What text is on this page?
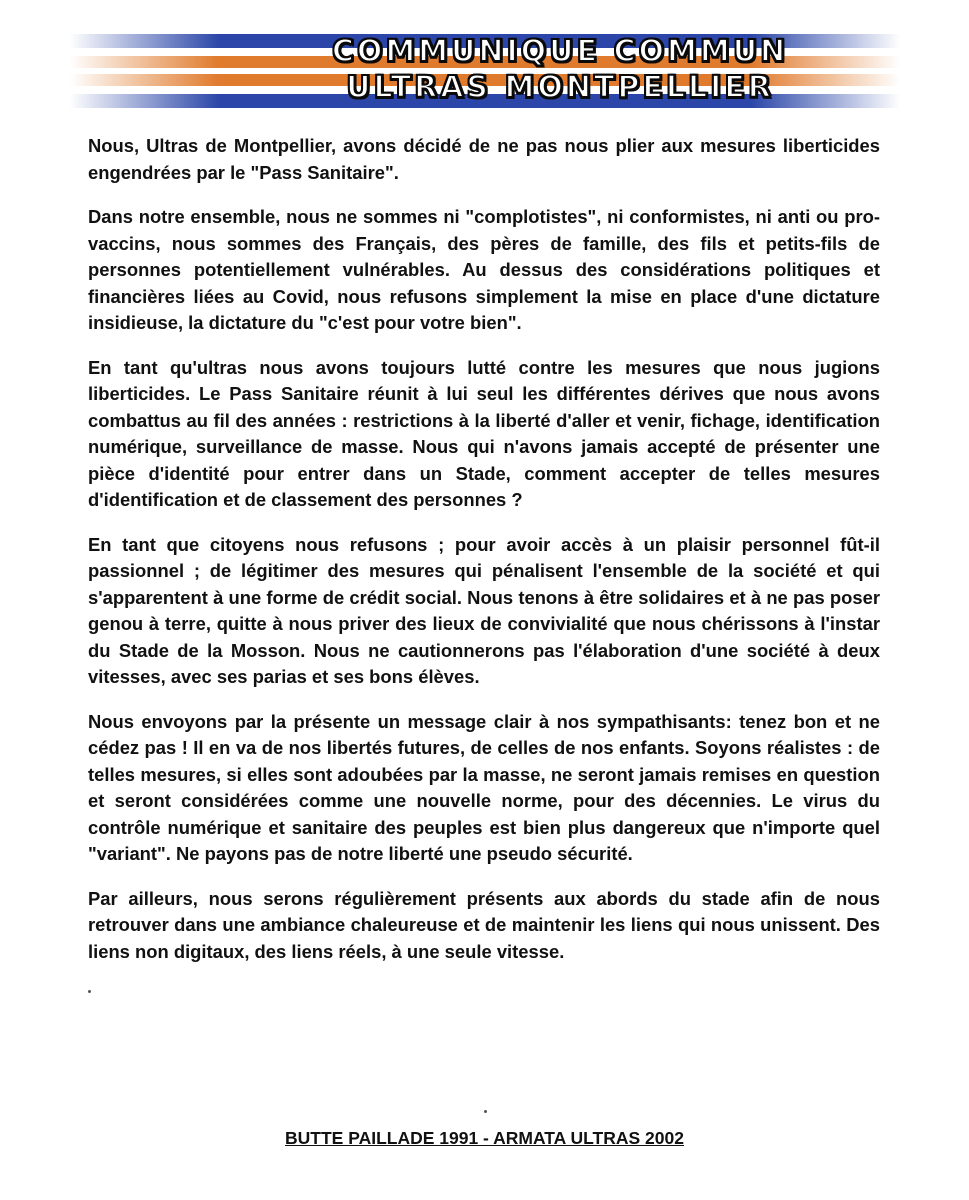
COMMUNIQUE COMMUN
ULTRAS MONTPELLIER

Nous, Ultras de Montpellier, avons décidé de ne pas nous plier aux mesures liberticides engendrées par le "Pass Sanitaire".

Dans notre ensemble, nous ne sommes ni "complotistes", ni conformistes, ni anti ou pro-vaccins, nous sommes des Français, des pères de famille, des fils et petits-fils de personnes potentiellement vulnérables. Au dessus des considérations politiques et financières liées au Covid, nous refusons simplement la mise en place d'une dictature insidieuse, la dictature du "c'est pour votre bien".

En tant qu'ultras nous avons toujours lutté contre les mesures que nous jugions liberticides. Le Pass Sanitaire réunit à lui seul les différentes dérives que nous avons combattus au fil des années : restrictions à la liberté d'aller et venir, fichage, identification numérique, surveillance de masse. Nous qui n'avons jamais accepté de présenter une pièce d'identité pour entrer dans un Stade, comment accepter de telles mesures d'identification et de classement des personnes ?

En tant que citoyens nous refusons ; pour avoir accès à un plaisir personnel fût-il passionnel ; de légitimer des mesures qui pénalisent l'ensemble de la société et qui s'apparentent à une forme de crédit social. Nous tenons à être solidaires et à ne pas poser genou à terre, quitte à nous priver des lieux de convivialité que nous chérissons à l'instar du Stade de la Mosson. Nous ne cautionnerons pas l'élaboration d'une société à deux vitesses, avec ses parias et ses bons élèves.

Nous envoyons par la présente un message clair à nos sympathisants: tenez bon et ne cédez pas ! Il en va de nos libertés futures, de celles de nos enfants. Soyons réalistes : de telles mesures, si elles sont adoubées par la masse, ne seront jamais remises en question et seront considérées comme une nouvelle norme, pour des décennies. Le virus du contrôle numérique et sanitaire des peuples est bien plus dangereux que n'importe quel "variant". Ne payons pas de notre liberté une pseudo sécurité.

Par ailleurs, nous serons régulièrement présents aux abords du stade afin de nous retrouver dans une ambiance chaleureuse et de maintenir les liens qui nous unissent. Des liens non digitaux, des liens réels, à une seule vitesse.

BUTTE PAILLADE 1991 - ARMATA ULTRAS 2002
